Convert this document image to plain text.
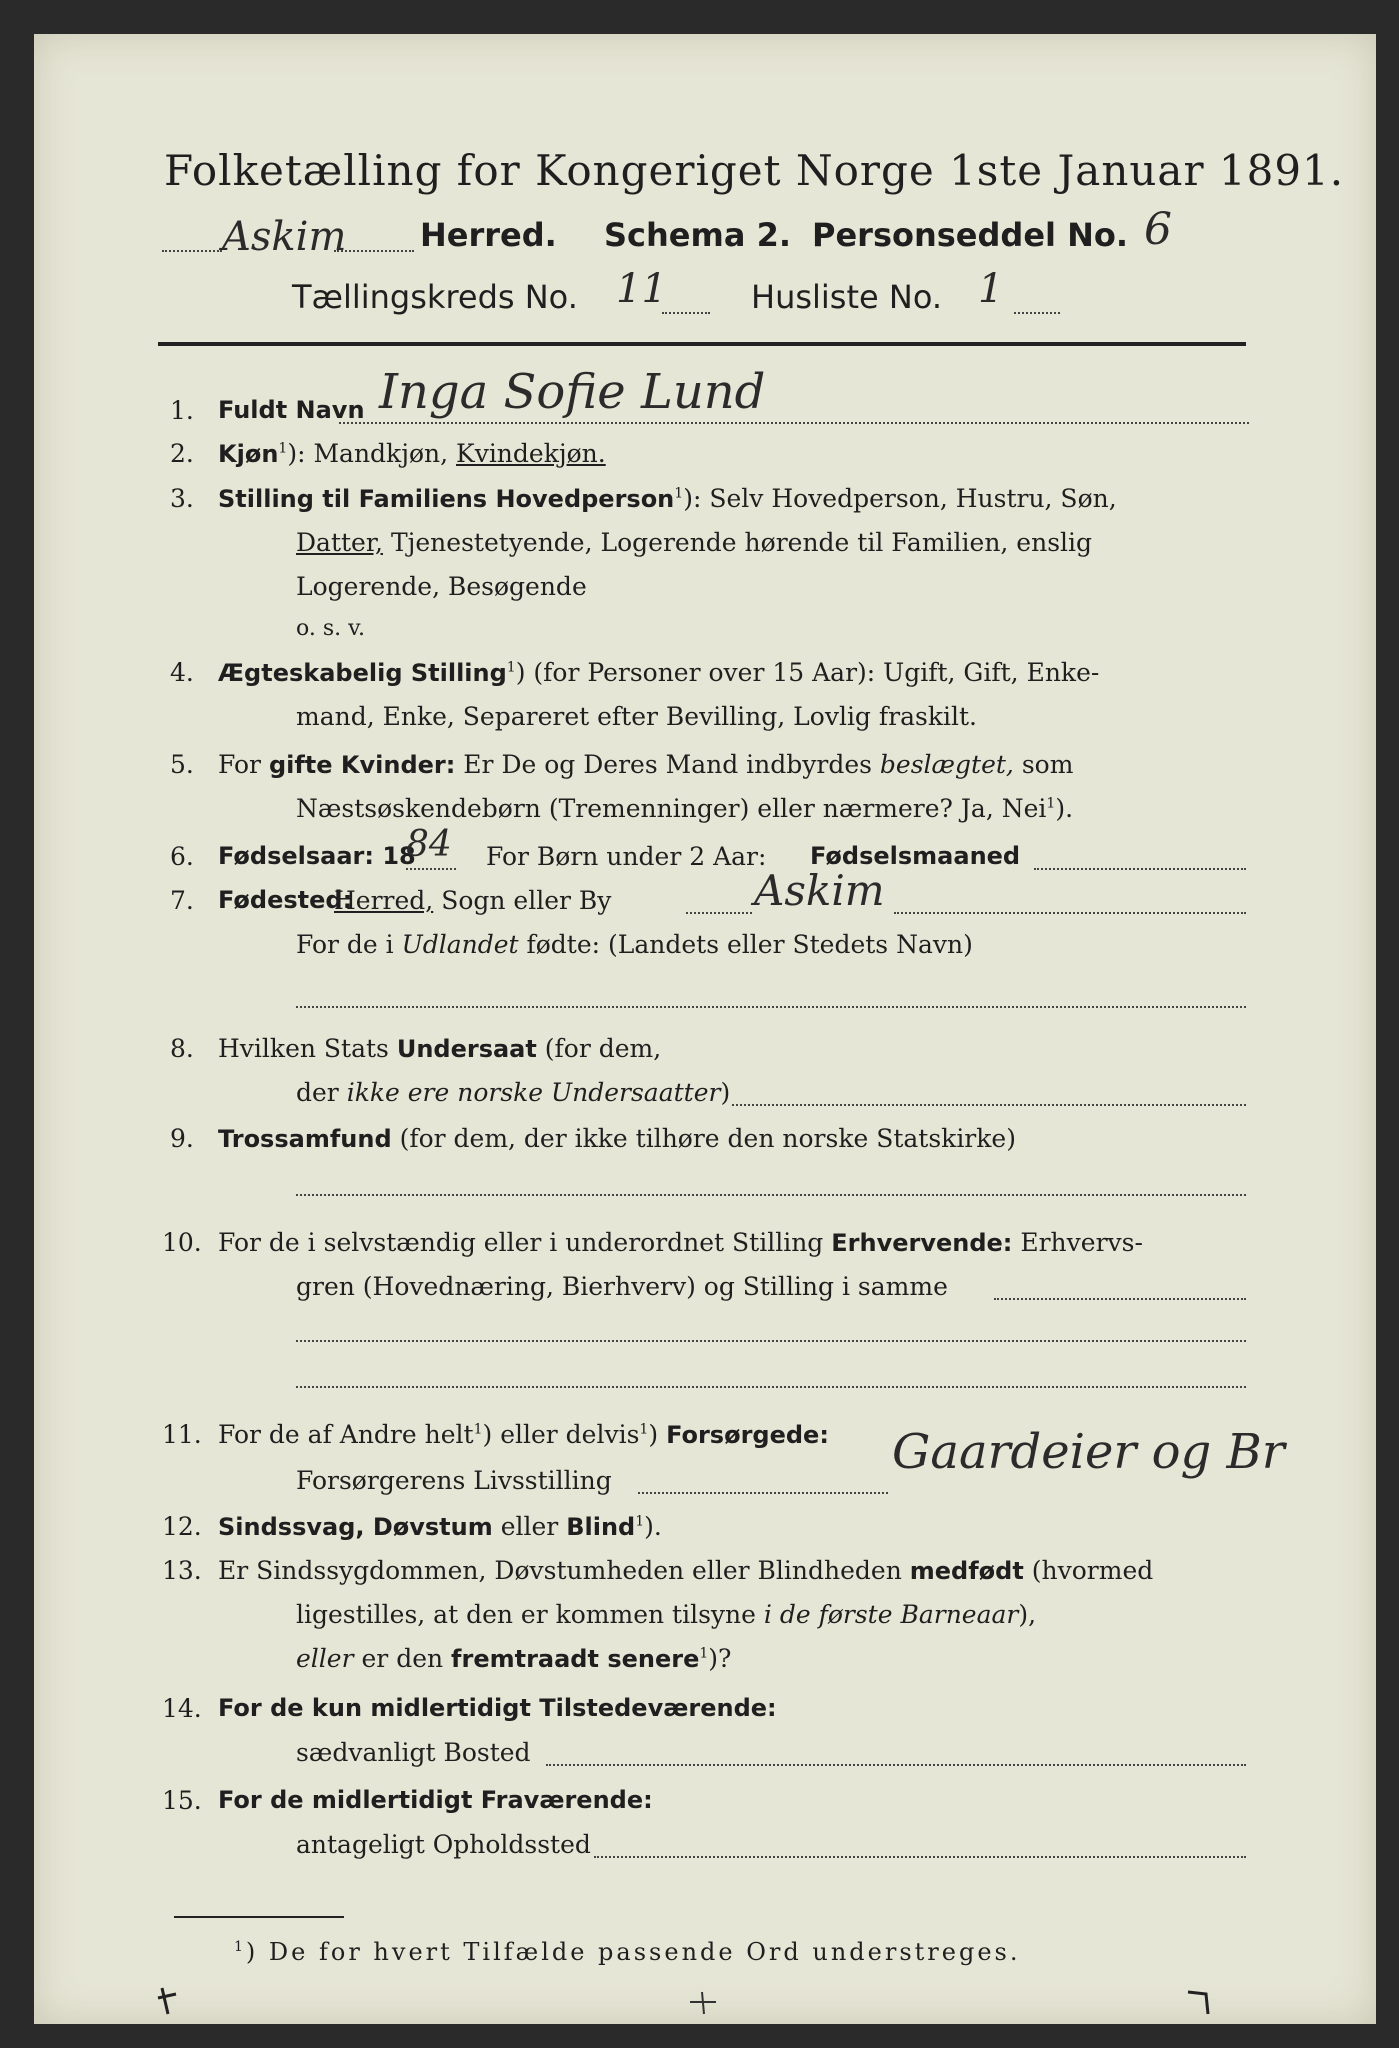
Folketælling for Kongeriget Norge 1ste Januar 1891.
Askim Herred. Schema 2. Personseddel No. 6
Tællingskreds No. 11	Husliste No. 1
1. Fuldt Navn Inga Sofie Lund
2. Kjøn$^1$): Mandkjøn, Kvindekjøn.
3. Stilling til Familiens Hovedperson$^1$): Selv Hovedperson, Hustru, Søn,
Datter, Tjenestetyende, Logerende hørende til Familien, enslig
Logerende, Besøgende
o. s. v.
4. Ægteskabelig Stilling$^1$) (for Personer over 15 Aar): Ugift, Gift, Enke-
mand, Enke, Separeret efter Bevilling, Lovlig fraskilt.
5. For gifte Kvinder: Er De og Deres Mand indbyrdes beslægtet, som
Næstsøskendebørn (Tremenninger) eller nærmere? Ja, Nei$^1$).
6. Fødselsaar: 18
84 For Børn under 2 Aar: Fødselsmaaned
7. Fødested:
Herred, Sogn eller By	Askim
For de i Udlandet fødte: (Landets eller Stedets Navn)
8. Hvilken Stats Undersaat (for dem,
der ikke ere norske Undersaatter)
9. Trossamfund (for dem, der ikke tilhøre den norske Statskirke)
10. For de i selvstændig eller i underordnet Stilling Erhvervende: Erhvervs-
gren (Hovednæring, Bierhverv) og Stilling i samme
11. For de af Andre helt$^1$) eller delvis$^1$) Forsørgede:
Forsørgerens Livsstilling
Gaardeier og Br
12. Sindssvag, Døvstum eller Blind$^1$).
13. Er Sindssygdommen, Døvstumheden eller Blindheden medfødt (hvormed
ligestilles, at den er kommen tilsyne i de første Barneaar),
eller er den fremtraadt senere$^1$)?
14. For de kun midlertidigt Tilstedeværende:
sædvanligt Bosted
15. For de midlertidigt Fraværende:
antageligt Opholdssted
$^1$) De for hvert Tilfælde passende Ord understreges.
